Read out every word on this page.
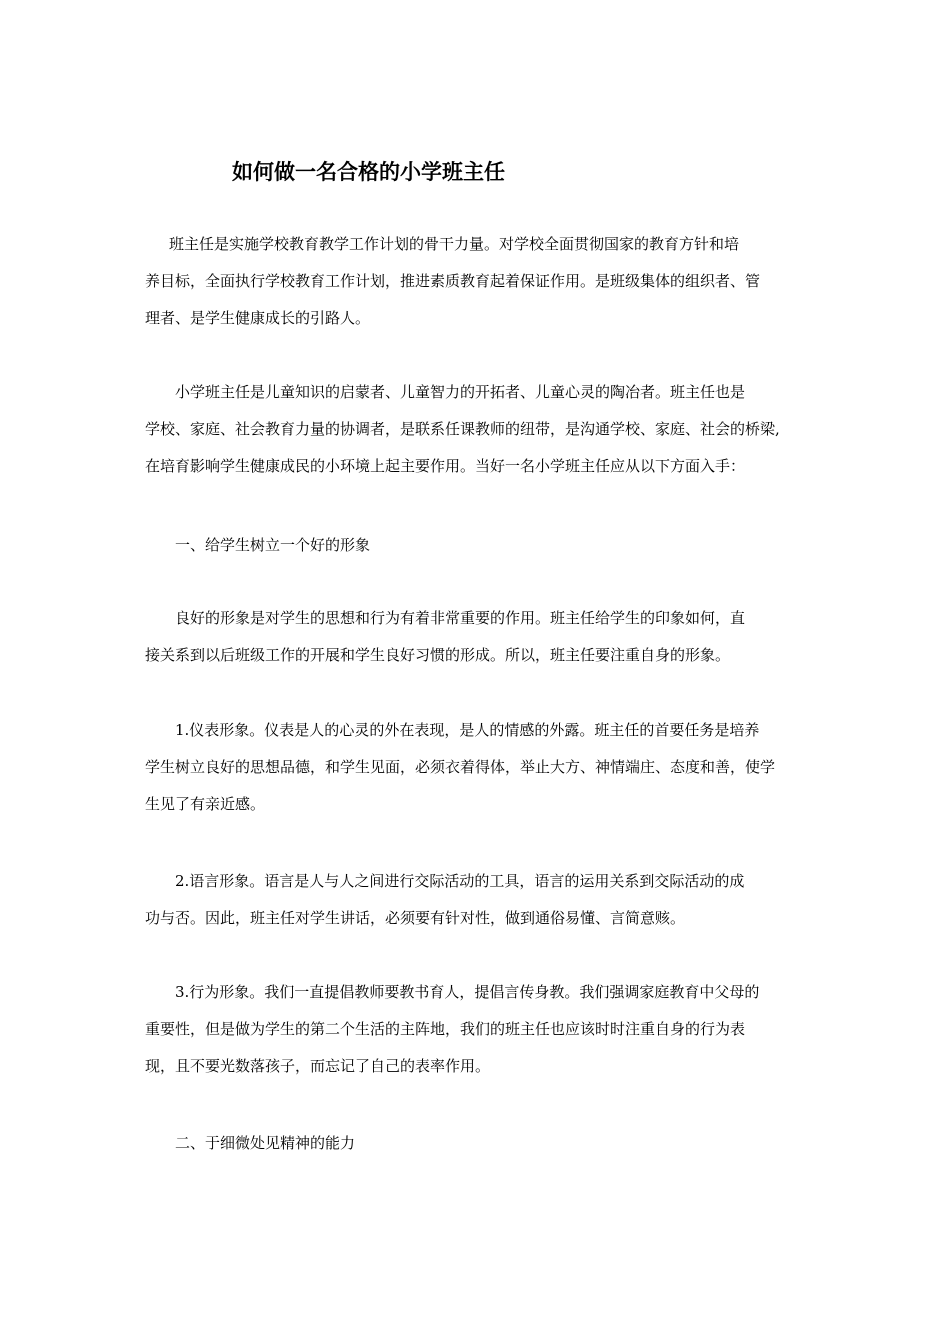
如何做一名合格的小学班主任
班主任是实施学校教育教学工作计划的骨干力量。对学校全面贯彻国家的教育方针和培
养目标，全面执行学校教育工作计划，推进素质教育起着保证作用。是班级集体的组织者、管
理者、是学生健康成长的引路人。
小学班主任是儿童知识的启蒙者、儿童智力的开拓者、儿童心灵的陶冶者。班主任也是
学校、家庭、社会教育力量的协调者，是联系任课教师的纽带，是沟通学校、家庭、社会的桥梁,
在培育影响学生健康成民的小环境上起主要作用。当好一名小学班主任应从以下方面入手：
一、给学生树立一个好的形象
良好的形象是对学生的思想和行为有着非常重要的作用。班主任给学生的印象如何，直
接关系到以后班级工作的开展和学生良好习惯的形成。所以，班主任要注重自身的形象。
1.仪表形象。仪表是人的心灵的外在表现，是人的情感的外露。班主任的首要任务是培养
学生树立良好的思想品德，和学生见面，必须衣着得体，举止大方、神情端庄、态度和善，使学
生见了有亲近感。
2.语言形象。语言是人与人之间进行交际活动的工具，语言的运用关系到交际活动的成
功与否。因此，班主任对学生讲话，必须要有针对性，做到通俗易懂、言简意赅。
3.行为形象。我们一直提倡教师要教书育人，提倡言传身教。我们强调家庭教育中父母的
重要性，但是做为学生的第二个生活的主阵地，我们的班主任也应该时时注重自身的行为表
现，且不要光数落孩子，而忘记了自己的表率作用。
二、于细微处见精神的能力
